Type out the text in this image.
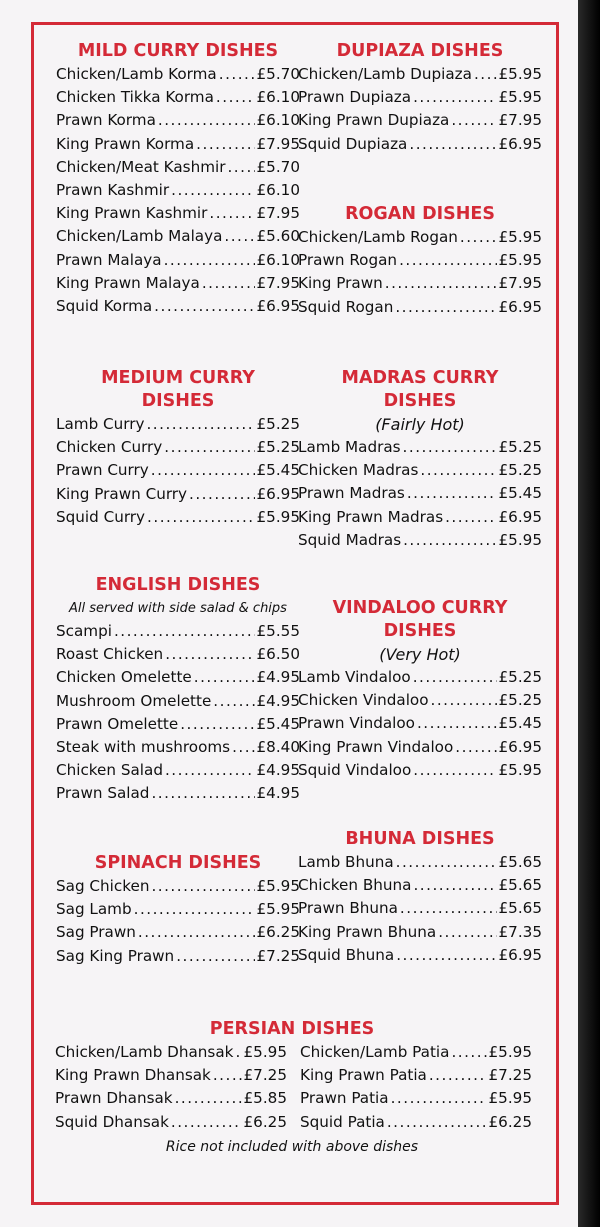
MILD CURRY DISHES
Chicken/Lamb Korma .....	£5.70
Chicken Tikka Korma .....	£6.10
Prawn Korma .....	£6.10
King Prawn Korma .....	£7.95
Chicken/Meat Kashmir ..... £5.70
Prawn Kashmir .....	£6.10
King Prawn Kashmir .....	£7.95
Chicken/Lamb Malaya ..... £5.60
Prawn Malaya .....	£6.10
King Prawn Malaya .....	£7.95
Squid Korma .....	£6.95
DUPIAZA DISHES
Chicken/Lamb Dupiaza ..... £5.95
Prawn Dupiaza .....	£5.95
King Prawn Dupiaza .....	£7.95
Squid Dupiaza .....	£6.95
ROGAN DISHES
Chicken/Lamb Rogan .....	£5.95
Prawn Rogan .....	£5.95
King Prawn .....	£7.95
Squid Rogan .....	£6.95
MEDIUM CURRY DISHES
Lamb Curry .....	£5.25
Chicken Curry .....	£5.25
Prawn Curry .....	£5.45
King Prawn Curry .....	£6.95
Squid Curry .....	£5.95
MADRAS CURRY DISHES
(Fairly Hot)
Lamb Madras .....	£5.25
Chicken Madras .....	£5.25
Prawn Madras .....	£5.45
King Prawn Madras .....	£6.95
Squid Madras .....	£5.95
ENGLISH DISHES
All served with side salad & chips
Scampi .....	£5.55
Roast Chicken .....	£6.50
Chicken Omelette .....	£4.95
Mushroom Omelette .....	£4.95
Prawn Omelette .....	£5.45
Steak with mushrooms ..... £8.40
Chicken Salad .....	£4.95
Prawn Salad .....	£4.95
VINDALOO CURRY DISHES
(Very Hot)
Lamb Vindaloo .....	£5.25
Chicken Vindaloo .....	£5.25
Prawn Vindaloo .....	£5.45
King Prawn Vindaloo .....	£6.95
Squid Vindaloo .....	£5.95
SPINACH DISHES
Sag Chicken .....	£5.95
Sag Lamb .....	£5.95
Sag Prawn .....	£6.25
Sag King Prawn .....	£7.25
BHUNA DISHES
Lamb Bhuna .....	£5.65
Chicken Bhuna .....	£5.65
Prawn Bhuna .....	£5.65
King Prawn Bhuna .....	£7.35
Squid Bhuna .....	£6.95
PERSIAN DISHES
Chicken/Lamb Dhansak ..... £5.95
King Prawn Dhansak ..... £7.25
Prawn Dhansak .....	£5.85
Squid Dhansak .....	£6.25
Chicken/Lamb Patia .....	£5.95
King Prawn Patia .....	£7.25
Prawn Patia .....	£5.95
Squid Patia .....	£6.25
Rice not included with above dishes
